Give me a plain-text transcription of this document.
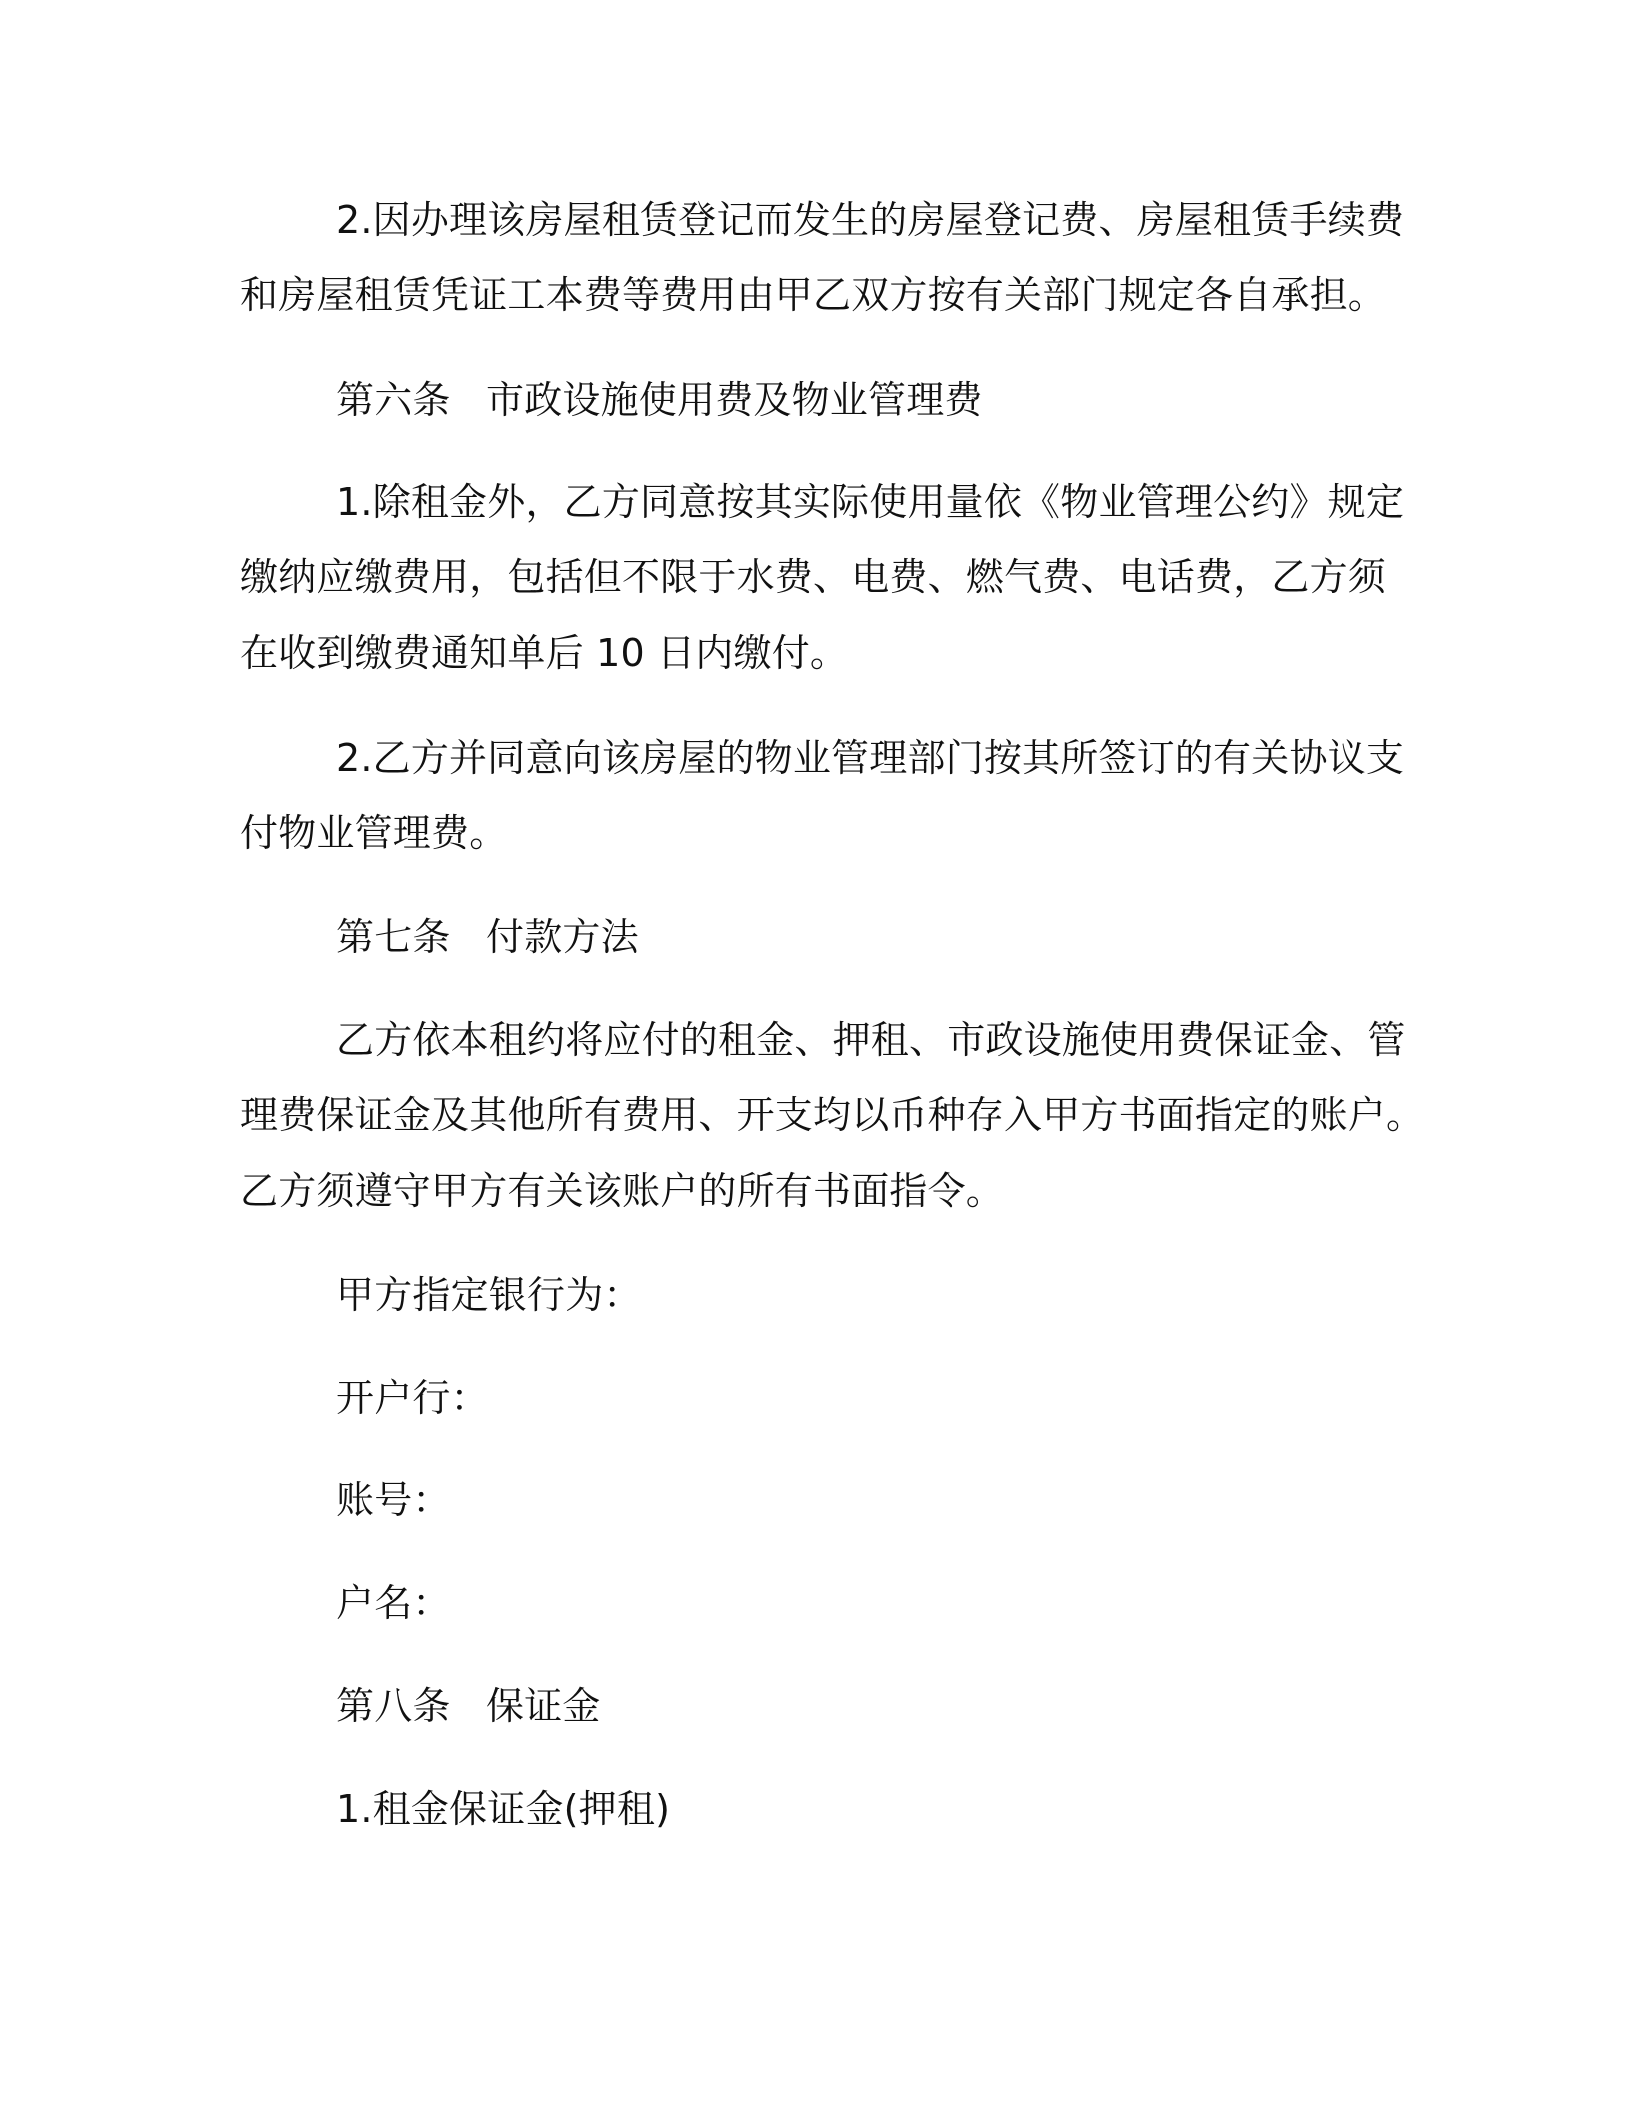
2.因办理该房屋租赁登记而发生的房屋登记费、房屋租赁手续费
和房屋租赁凭证工本费等费用由甲乙双方按有关部门规定各自承担。
第六条 市政设施使用费及物业管理费
1.除租金外，乙方同意按其实际使用量依《物业管理公约》规定
缴纳应缴费用，包括但不限于水费、电费、燃气费、电话费，乙方须
在收到缴费通知单后 10 日内缴付。
2.乙方并同意向该房屋的物业管理部门按其所签订的有关协议支
付物业管理费。
第七条 付款方法
乙方依本租约将应付的租金、押租、市政设施使用费保证金、管
理费保证金及其他所有费用、开支均以币种存入甲方书面指定的账户。
乙方须遵守甲方有关该账户的所有书面指令。
甲方指定银行为：
开户行：
账号：
户名：
第八条 保证金
1.租金保证金(押租)
